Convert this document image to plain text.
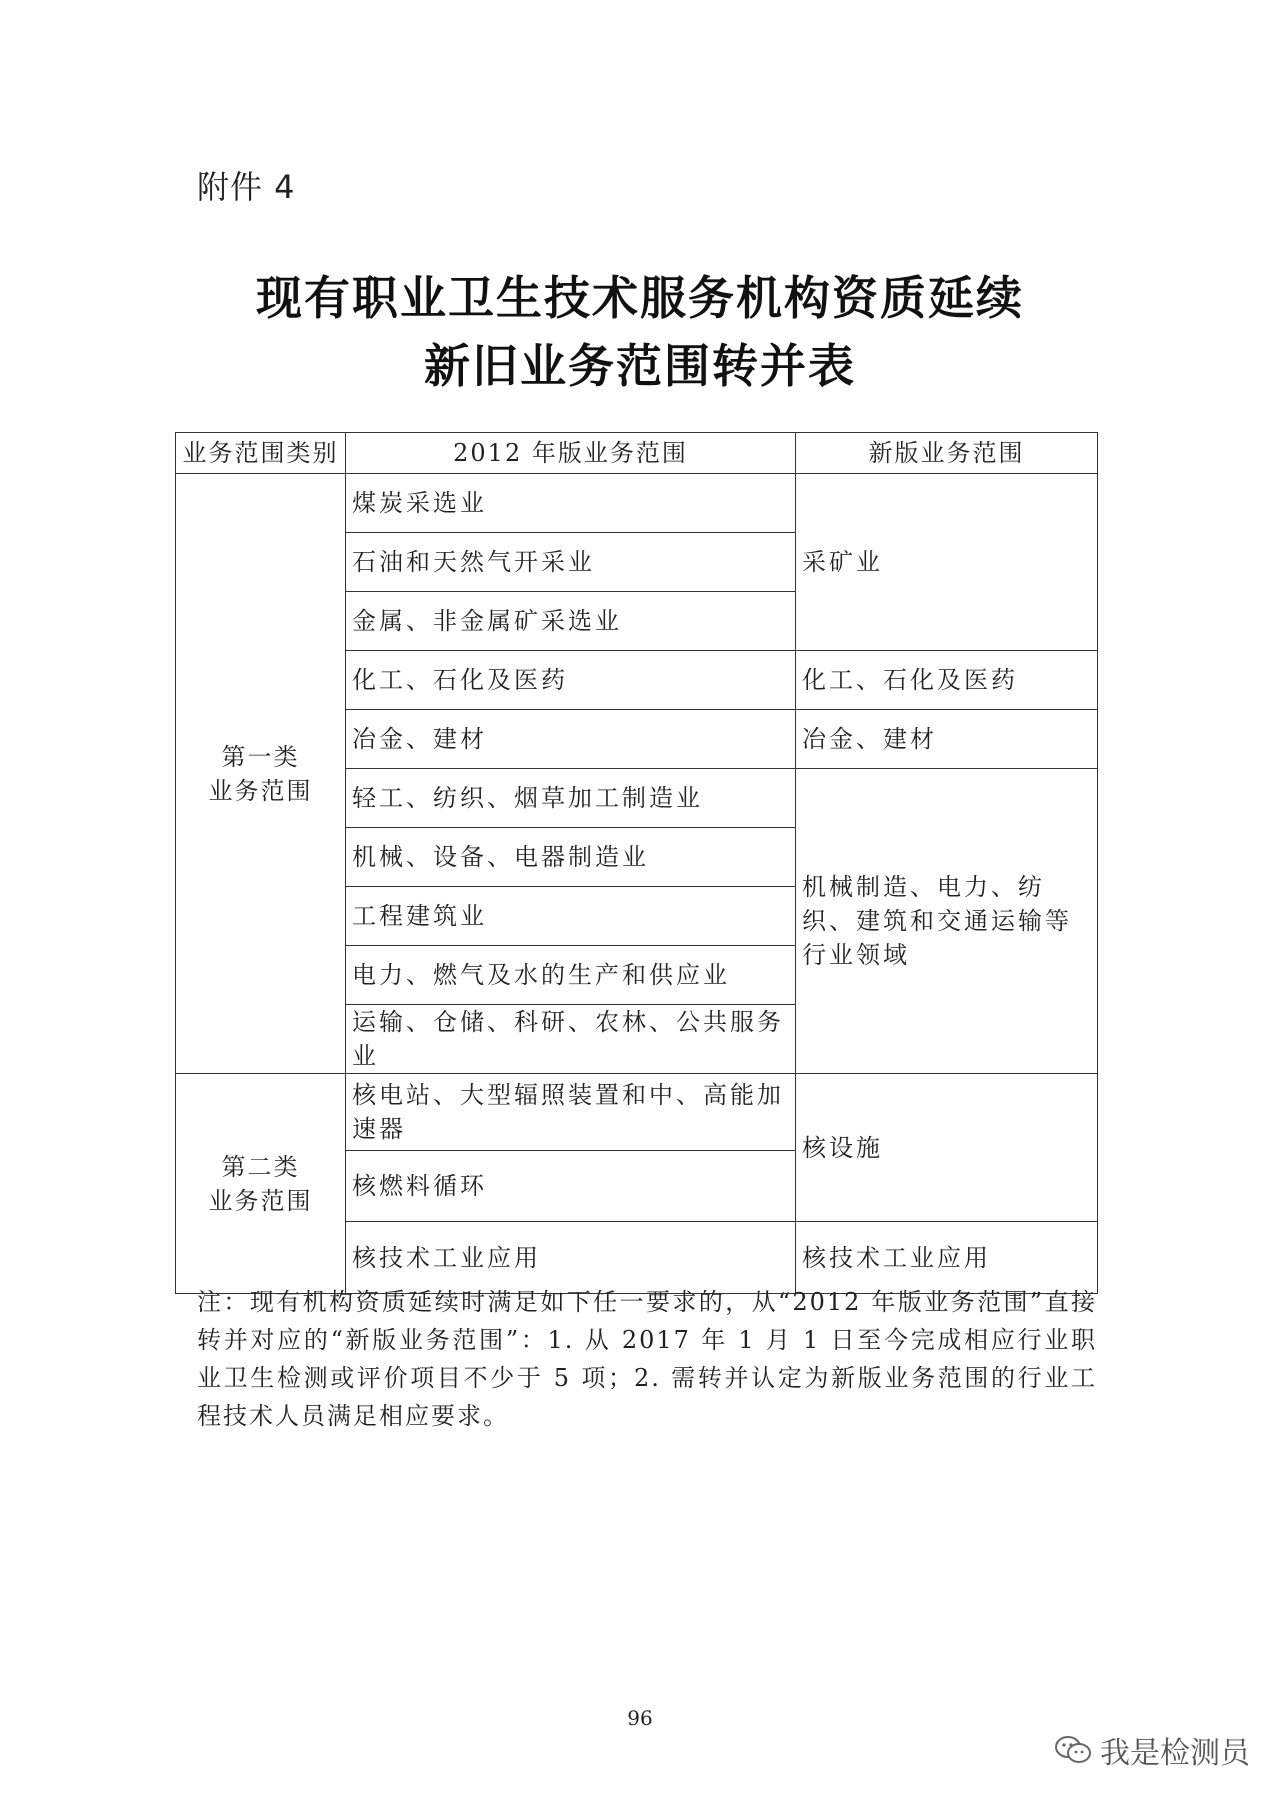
附件 4
现有职业卫生技术服务机构资质延续
新旧业务范围转并表
业务范围类别	2012 年版业务范围	新版业务范围

第一类
业务范围	煤炭采选业	采矿业
	石油和天然气开采业	
	金属、非金属矿采选业	
	化工、石化及医药	化工、石化及医药
	冶金、建材	冶金、建材
	轻工、纺织、烟草加工制造业	机械制造、电力、纺织、建筑和交通运输等行业领域
	机械、设备、电器制造业	
	工程建筑业	
	电力、燃气及水的生产和供应业	
	运输、仓储、科研、农林、公共服务业	

第二类
业务范围	核电站、大型辐照装置和中、高能加速器	核设施
	核燃料循环	
	核技术工业应用	核技术工业应用
注：现有机构资质延续时满足如下任一要求的，从“2012 年版业务范围”直接转并对应的“新版业务范围”：1. 从 2017 年 1 月 1 日至今完成相应行业职业卫生检测或评价项目不少于 5 项；2. 需转并认定为新版业务范围的行业工程技术人员满足相应要求。
96
我是检测员
